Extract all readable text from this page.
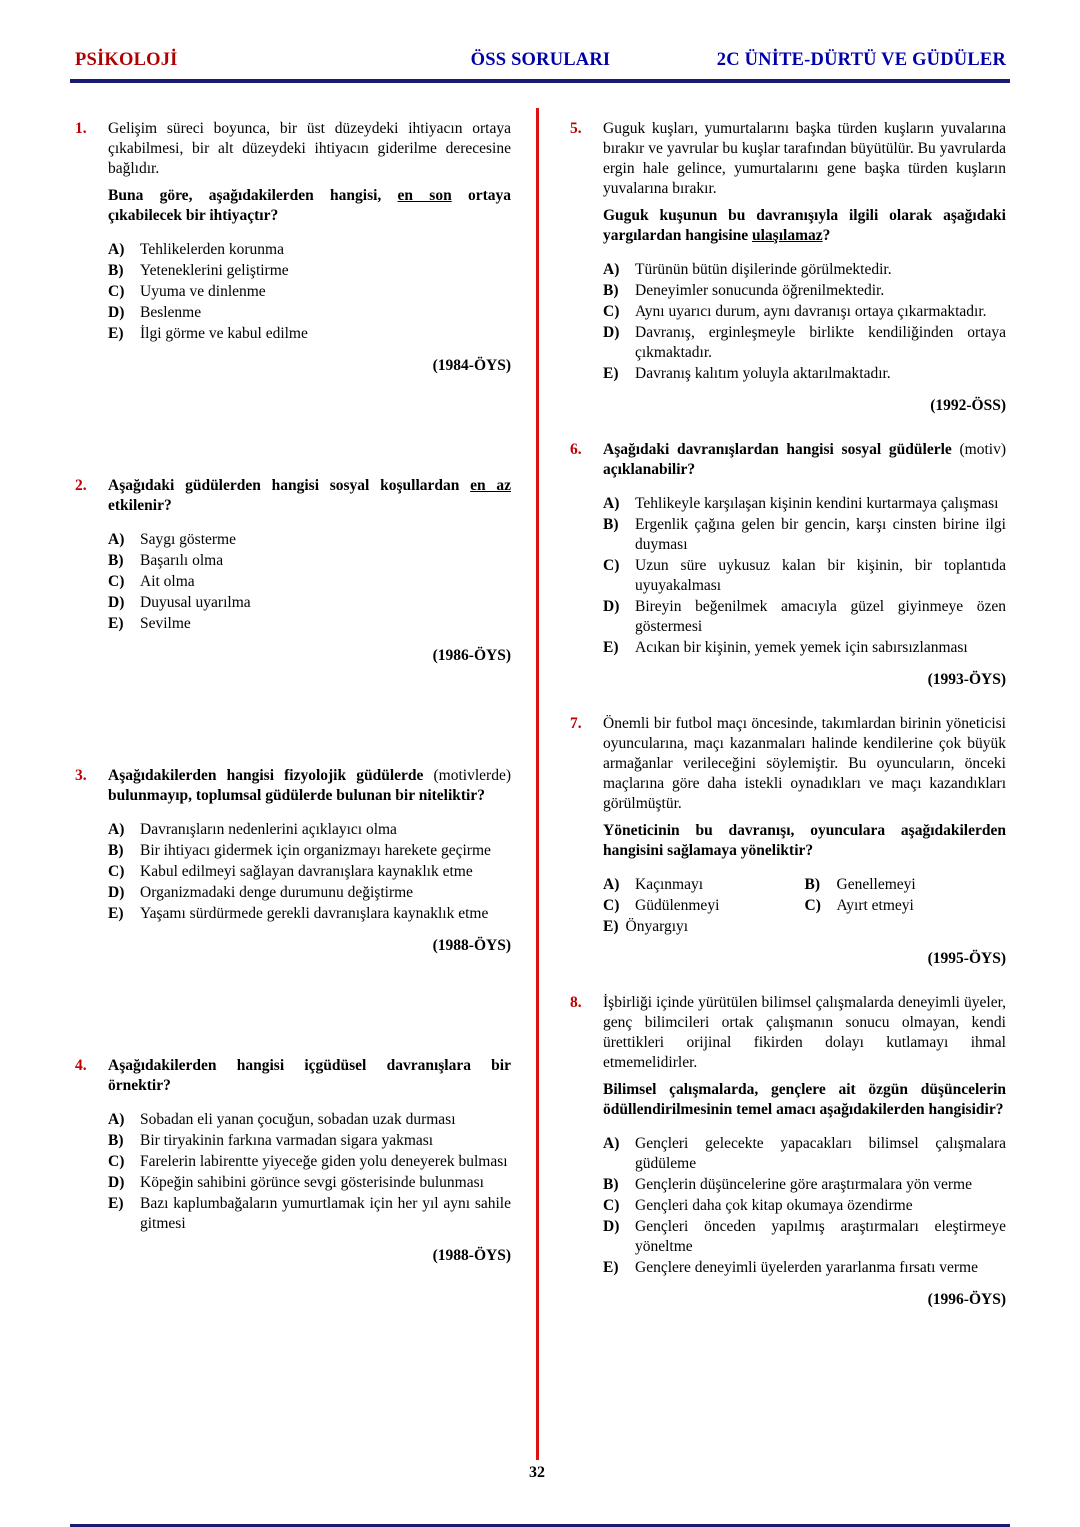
PSİKOLOJİ	ÖSS SORULARI	2C ÜNİTE-DÜRTÜ VE GÜDÜLER
1. Gelişim süreci boyunca, bir üst düzeydeki ihtiyacın ortaya çıkabilmesi, bir alt düzeydeki ihtiyacın giderilme derecesine bağlıdır.

Buna göre, aşağıdakilerden hangisi, en son ortaya çıkabilecek bir ihtiyaçtır?

A)	Tehlikelerden korunma
B)	Yeteneklerini geliştirme
C)	Uyuma ve dinlenme
D)	Beslenme
E)	İlgi görme ve kabul edilme
(1984-ÖYS)
2. Aşağıdaki güdülerden hangisi sosyal koşullardan en az etkilenir?

A)	Saygı gösterme
B)	Başarılı olma
C)	Ait olma
D)	Duyusal uyarılma
E)	Sevilme
(1986-ÖYS)
3. Aşağıdakilerden hangisi fizyolojik güdülerde (motivlerde) bulunmayıp, toplumsal güdülerde bulunan bir niteliktir?

A)	Davranışların nedenlerini açıklayıcı olma
B)	Bir ihtiyacı gidermek için organizmayı harekete geçirme
C)	Kabul edilmeyi sağlayan davranışlara kaynaklık etme
D)	Organizmadaki denge durumunu değiştirme
E)	Yaşamı sürdürmede gerekli davranışlara kaynaklık etme
(1988-ÖYS)
4. Aşağıdakilerden hangisi içgüdüsel davranışlara bir örnektir?

A)	Sobadan eli yanan çocuğun, sobadan uzak durması
B)	Bir tiryakinin farkına varmadan sigara yakması
C)	Farelerin labirentte yiyeceğe giden yolu deneyerek bulması
D)	Köpeğin sahibini görünce sevgi gösterisinde bulunması
E)	Bazı kaplumbağaların yumurtlamak için her yıl aynı sahile gitmesi
(1988-ÖYS)
5. Guguk kuşları, yumurtalarını başka türden kuşların yuvalarına bırakır ve yavrular bu kuşlar tarafından büyütülür. Bu yavrularda ergin hale gelince, yumurtalarını gene başka türden kuşların yuvalarına bırakır.

Guguk kuşunun bu davranışıyla ilgili olarak aşağıdaki yargılardan hangisine ulaşılamaz?

A)	Türünün bütün dişilerinde görülmektedir.
B)	Deneyimler sonucunda öğrenilmektedir.
C)	Aynı uyarıcı durum, aynı davranışı ortaya çıkarmaktadır.
D)	Davranış, erginleşmeyle birlikte kendiliğinden ortaya çıkmaktadır.
E)	Davranış kalıtım yoluyla aktarılmaktadır.
(1992-ÖSS)
6. Aşağıdaki davranışlardan hangisi sosyal güdülerle (motiv) açıklanabilir?

A)	Tehlikeyle karşılaşan kişinin kendini kurtarmaya çalışması
B)	Ergenlik çağına gelen bir gencin, karşı cinsten birine ilgi duyması
C)	Uzun süre uykusuz kalan bir kişinin, bir toplantıda uyuyakalması
D)	Bireyin beğenilmek amacıyla güzel giyinmeye özen göstermesi
E)	Acıkan bir kişinin, yemek yemek için sabırsızlanması
(1993-ÖYS)
7. Önemli bir futbol maçı öncesinde, takımlardan birinin yöneticisi oyuncularına, maçı kazanmaları halinde kendilerine çok büyük armağanlar verileceğini söylemiştir. Bu oyuncuların, önceki maçlarına göre daha istekli oynadıkları ve maçı kazandıkları görülmüştür.

Yöneticinin bu davranışı, oyunculara aşağıdakilerden hangisini sağlamaya yöneliktir?

A)	Kaçınmayı	B)	Genellemeyi
C)	Güdülenmeyi	C)	Ayırt etmeyi
E) Önyargıyı
(1995-ÖYS)
8. İşbirliği içinde yürütülen bilimsel çalışmalarda deneyimli üyeler, genç bilimcileri ortak çalışmanın sonucu olmayan, kendi ürettikleri orijinal fikirden dolayı kutlamayı ihmal etmemelidirler.

Bilimsel çalışmalarda, gençlere ait özgün düşüncelerin ödüllendirilmesinin temel amacı aşağıdakilerden hangisidir?

A)	Gençleri gelecekte yapacakları bilimsel çalışmalara güdüleme
B)	Gençlerin düşüncelerine göre araştırmalara yön verme
C)	Gençleri daha çok kitap okumaya özendirme
D)	Gençleri önceden yapılmış araştırmaları eleştirmeye yöneltme
E)	Gençlere deneyimli üyelerden yararlanma fırsatı verme
(1996-ÖYS)
32
